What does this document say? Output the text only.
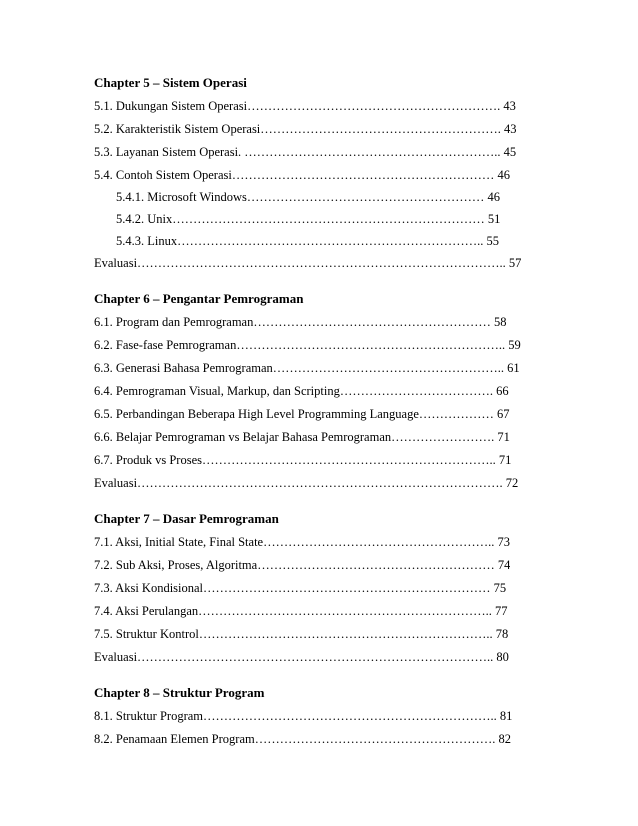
Chapter 5 – Sistem Operasi
5.1. Dukungan Sistem Operasi……………………………………………………. 43
5.2. Karakteristik Sistem Operasi…………………………………………………. 43
5.3. Layanan Sistem Operasi. …………………………………………………….. 45
5.4. Contoh Sistem Operasi……………………………………………………… 46
5.4.1. Microsoft Windows………………………………………………… 46
5.4.2. Unix………………………………………………………………… 51
5.4.3. Linux……………………………………………………………….. 55
Evaluasi…………………………………………………………………………….. 57
Chapter 6 – Pengantar Pemrograman
6.1. Program dan Pemrograman………………………………………………… 58
6.2. Fase-fase Pemrograman……………………………………………………….. 59
6.3. Generasi Bahasa Pemrograman……………………………………………….. 61
6.4. Pemrograman Visual, Markup, dan Scripting………………………………. 66
6.5. Perbandingan Beberapa High Level Programming Language……………… 67
6.6. Belajar Pemrograman vs Belajar Bahasa Pemrograman……………………. 71
6.7. Produk vs Proses…………………………………………………………….. 71
Evaluasi……………………………………………………………………………. 72
Chapter 7 – Dasar Pemrograman
7.1. Aksi, Initial State, Final State……………………………………………….. 73
7.2. Sub Aksi, Proses, Algoritma………………………………………………… 74
7.3. Aksi Kondisional…………………………………………………………… 75
7.4. Aksi Perulangan…………………………………………………………….. 77
7.5. Struktur Kontrol…………………………………………………………….. 78
Evaluasi………………………………………………………………………….. 80
Chapter 8 – Struktur Program
8.1. Struktur Program…………………………………………………………….. 81
8.2. Penamaan Elemen Program…………………………………………………. 82
